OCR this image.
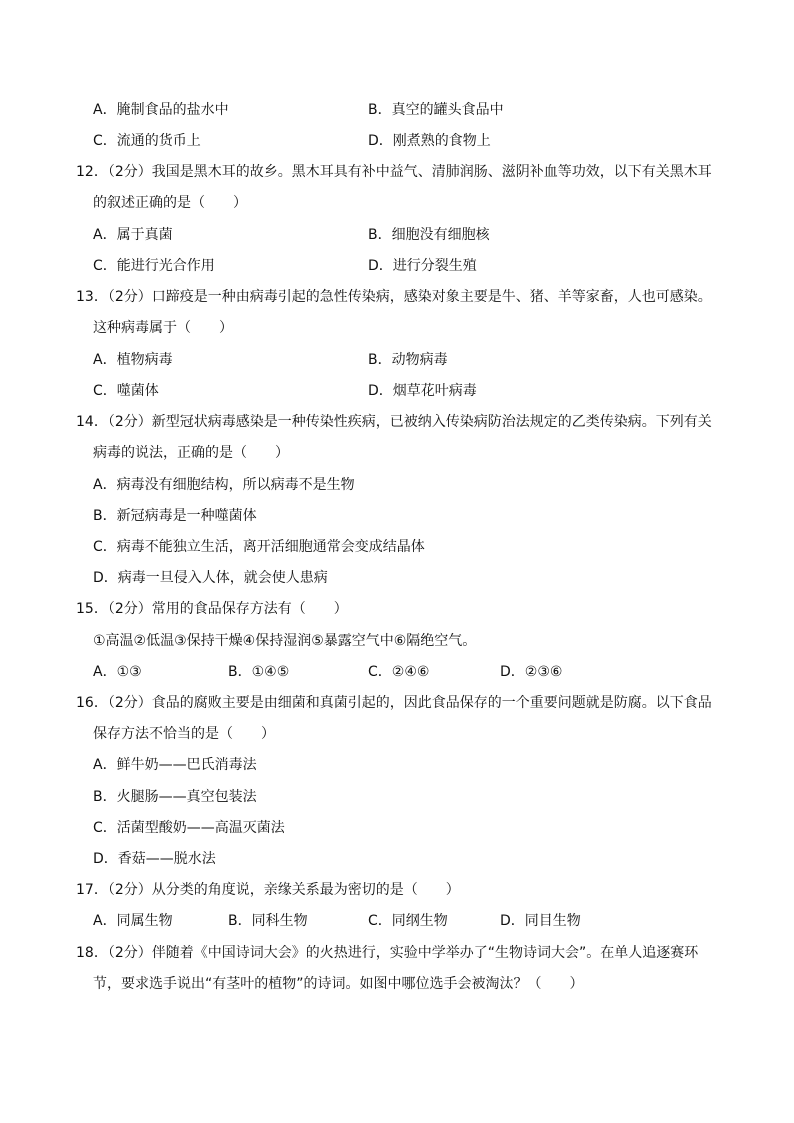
A．腌制食品的盐水中	B．真空的罐头食品中
C．流通的货币上	D．刚煮熟的食物上
12．（2分）我国是黑木耳的故乡。黑木耳具有补中益气、清肺润肠、滋阴补血等功效，以下有关黑木耳
的叙述正确的是（　　）
A．属于真菌	B．细胞没有细胞核
C．能进行光合作用	D．进行分裂生殖
13．（2分）口蹄疫是一种由病毒引起的急性传染病，感染对象主要是牛、猪、羊等家畜，人也可感染。
这种病毒属于（　　）
A．植物病毒	B．动物病毒
C．噬菌体	D．烟草花叶病毒
14．（2分）新型冠状病毒感染是一种传染性疾病，已被纳入传染病防治法规定的乙类传染病。下列有关
病毒的说法，正确的是（　　）
A．病毒没有细胞结构，所以病毒不是生物
B．新冠病毒是一种噬菌体
C．病毒不能独立生活，离开活细胞通常会变成结晶体
D．病毒一旦侵入人体，就会使人患病
15．（2分）常用的食品保存方法有（　　）
①高温②低温③保持干燥④保持湿润⑤暴露空气中⑥隔绝空气。
A．①③	B．①④⑤	C．②④⑥	D．②③⑥
16．（2分）食品的腐败主要是由细菌和真菌引起的，因此食品保存的一个重要问题就是防腐。以下食品
保存方法不恰当的是（　　）
A．鲜牛奶——巴氏消毒法
B．火腿肠——真空包装法
C．活菌型酸奶——高温灭菌法
D．香菇——脱水法
17．（2分）从分类的角度说，亲缘关系最为密切的是（　　）
A．同属生物	B．同科生物	C．同纲生物	D．同目生物
18．（2分）伴随着《中国诗词大会》的火热进行，实验中学举办了“生物诗词大会”。在单人追逐赛环
节，要求选手说出“有茎叶的植物”的诗词。如图中哪位选手会被淘汰？（　　）
